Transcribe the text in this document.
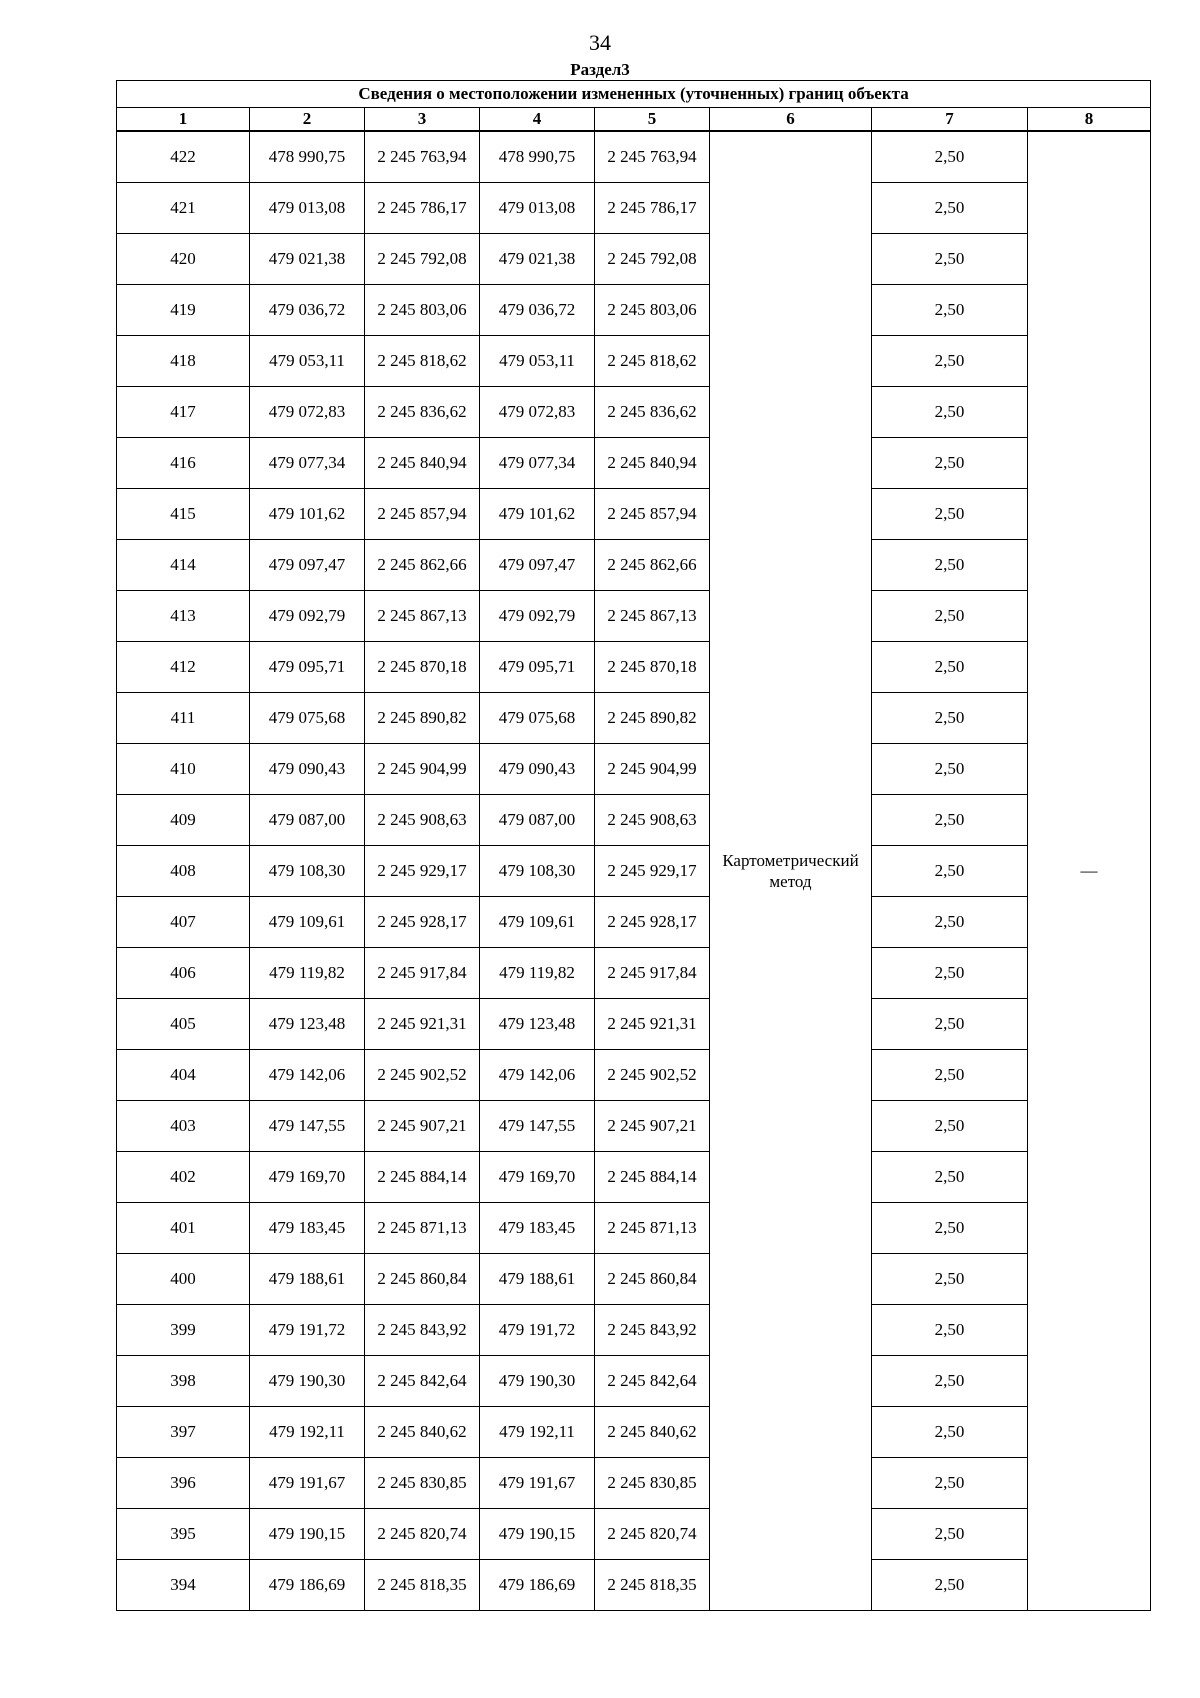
34
Раздел3
Сведения о местоположении измененных (уточненных) границ объекта							
1	2	3	4	5	6	7	8
422	478 990,75	2 245 763,94	478 990,75	2 245 763,94	Картометрический метод	2,50	—
421	479 013,08	2 245 786,17	479 013,08	2 245 786,17		2,50	
420	479 021,38	2 245 792,08	479 021,38	2 245 792,08		2,50	
419	479 036,72	2 245 803,06	479 036,72	2 245 803,06		2,50	
418	479 053,11	2 245 818,62	479 053,11	2 245 818,62		2,50	
417	479 072,83	2 245 836,62	479 072,83	2 245 836,62		2,50	
416	479 077,34	2 245 840,94	479 077,34	2 245 840,94		2,50	
415	479 101,62	2 245 857,94	479 101,62	2 245 857,94		2,50	
414	479 097,47	2 245 862,66	479 097,47	2 245 862,66		2,50	
413	479 092,79	2 245 867,13	479 092,79	2 245 867,13		2,50	
412	479 095,71	2 245 870,18	479 095,71	2 245 870,18		2,50	
411	479 075,68	2 245 890,82	479 075,68	2 245 890,82		2,50	
410	479 090,43	2 245 904,99	479 090,43	2 245 904,99		2,50	
409	479 087,00	2 245 908,63	479 087,00	2 245 908,63		2,50	
408	479 108,30	2 245 929,17	479 108,30	2 245 929,17		2,50	
407	479 109,61	2 245 928,17	479 109,61	2 245 928,17		2,50	
406	479 119,82	2 245 917,84	479 119,82	2 245 917,84		2,50	
405	479 123,48	2 245 921,31	479 123,48	2 245 921,31		2,50	
404	479 142,06	2 245 902,52	479 142,06	2 245 902,52		2,50	
403	479 147,55	2 245 907,21	479 147,55	2 245 907,21		2,50	
402	479 169,70	2 245 884,14	479 169,70	2 245 884,14		2,50	
401	479 183,45	2 245 871,13	479 183,45	2 245 871,13		2,50	
400	479 188,61	2 245 860,84	479 188,61	2 245 860,84		2,50	
399	479 191,72	2 245 843,92	479 191,72	2 245 843,92		2,50	
398	479 190,30	2 245 842,64	479 190,30	2 245 842,64		2,50	
397	479 192,11	2 245 840,62	479 192,11	2 245 840,62		2,50	
396	479 191,67	2 245 830,85	479 191,67	2 245 830,85		2,50	
395	479 190,15	2 245 820,74	479 190,15	2 245 820,74		2,50	
394	479 186,69	2 245 818,35	479 186,69	2 245 818,35		2,50	
